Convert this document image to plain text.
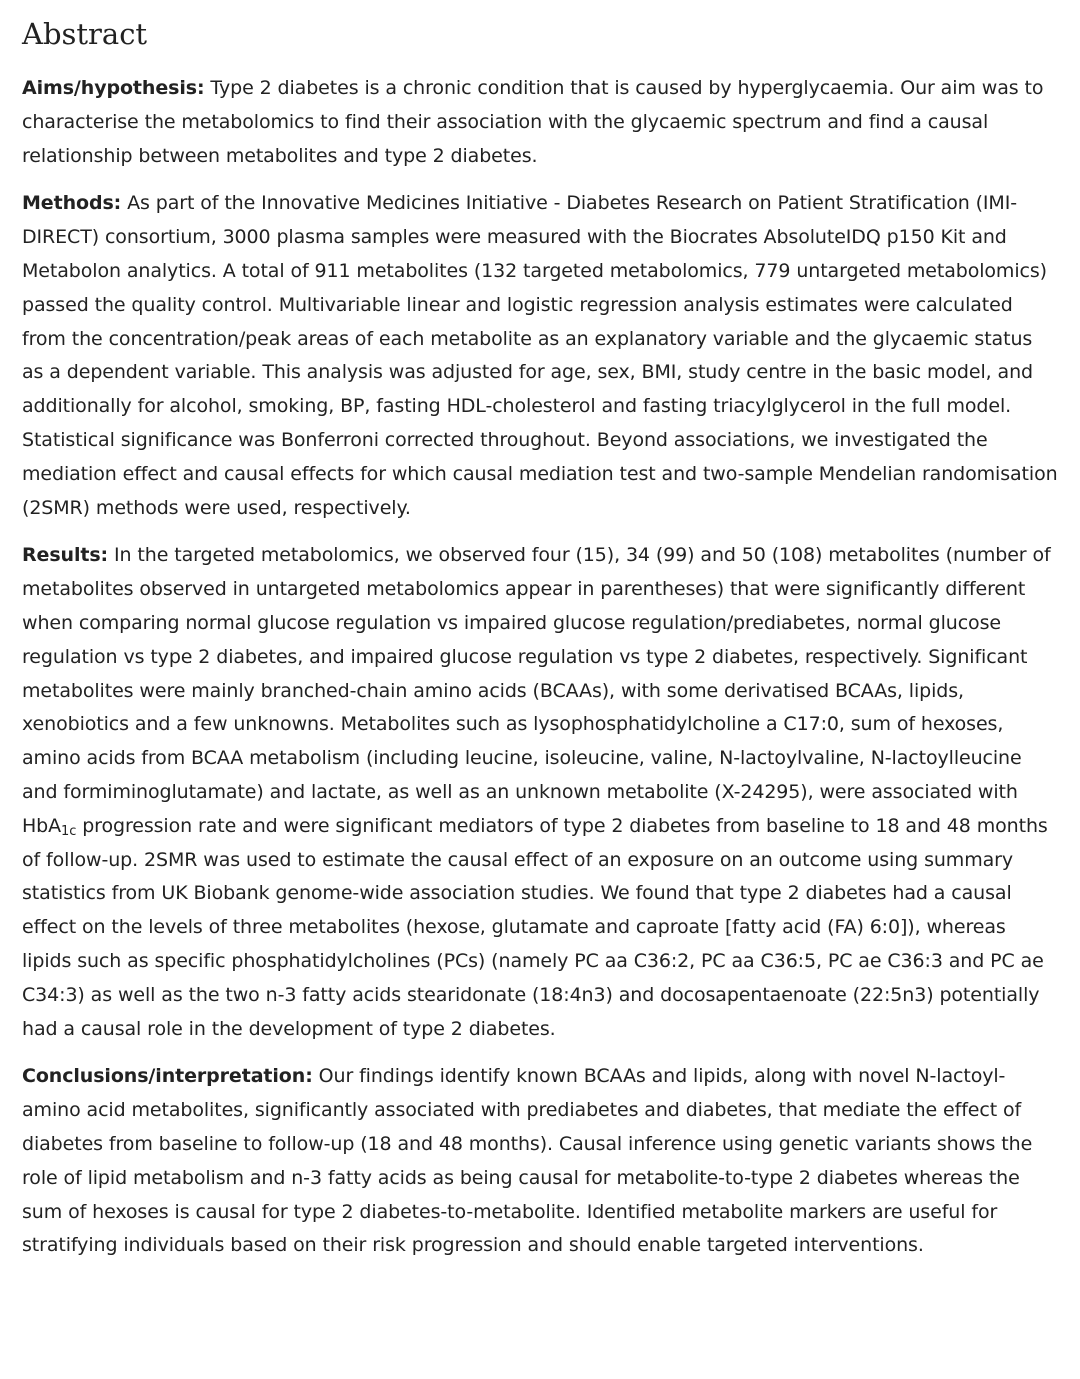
Abstract

Aims/hypothesis: Type 2 diabetes is a chronic condition that is caused by hyperglycaemia. Our aim was to characterise the metabolomics to find their association with the glycaemic spectrum and find a causal relationship between metabolites and type 2 diabetes.

Methods: As part of the Innovative Medicines Initiative - Diabetes Research on Patient Stratification (IMI-DIRECT) consortium, 3000 plasma samples were measured with the Biocrates AbsoluteIDQ p150 Kit and Metabolon analytics. A total of 911 metabolites (132 targeted metabolomics, 779 untargeted metabolomics) passed the quality control. Multivariable linear and logistic regression analysis estimates were calculated from the concentration/peak areas of each metabolite as an explanatory variable and the glycaemic status as a dependent variable. This analysis was adjusted for age, sex, BMI, study centre in the basic model, and additionally for alcohol, smoking, BP, fasting HDL-cholesterol and fasting triacylglycerol in the full model. Statistical significance was Bonferroni corrected throughout. Beyond associations, we investigated the mediation effect and causal effects for which causal mediation test and two-sample Mendelian randomisation (2SMR) methods were used, respectively.

Results: In the targeted metabolomics, we observed four (15), 34 (99) and 50 (108) metabolites (number of metabolites observed in untargeted metabolomics appear in parentheses) that were significantly different when comparing normal glucose regulation vs impaired glucose regulation/prediabetes, normal glucose regulation vs type 2 diabetes, and impaired glucose regulation vs type 2 diabetes, respectively. Significant metabolites were mainly branched-chain amino acids (BCAAs), with some derivatised BCAAs, lipids, xenobiotics and a few unknowns. Metabolites such as lysophosphatidylcholine a C17:0, sum of hexoses, amino acids from BCAA metabolism (including leucine, isoleucine, valine, N-lactoylvaline, N-lactoylleucine and formiminoglutamate) and lactate, as well as an unknown metabolite (X-24295), were associated with HbA$_{1c}$ progression rate and were significant mediators of type 2 diabetes from baseline to 18 and 48 months of follow-up. 2SMR was used to estimate the causal effect of an exposure on an outcome using summary statistics from UK Biobank genome-wide association studies. We found that type 2 diabetes had a causal effect on the levels of three metabolites (hexose, glutamate and caproate [fatty acid (FA) 6:0]), whereas lipids such as specific phosphatidylcholines (PCs) (namely PC aa C36:2, PC aa C36:5, PC ae C36:3 and PC ae C34:3) as well as the two n-3 fatty acids stearidonate (18:4n3) and docosapentaenoate (22:5n3) potentially had a causal role in the development of type 2 diabetes.

Conclusions/interpretation: Our findings identify known BCAAs and lipids, along with novel N-lactoyl-amino acid metabolites, significantly associated with prediabetes and diabetes, that mediate the effect of diabetes from baseline to follow-up (18 and 48 months). Causal inference using genetic variants shows the role of lipid metabolism and n-3 fatty acids as being causal for metabolite-to-type 2 diabetes whereas the sum of hexoses is causal for type 2 diabetes-to-metabolite. Identified metabolite markers are useful for stratifying individuals based on their risk progression and should enable targeted interventions.
